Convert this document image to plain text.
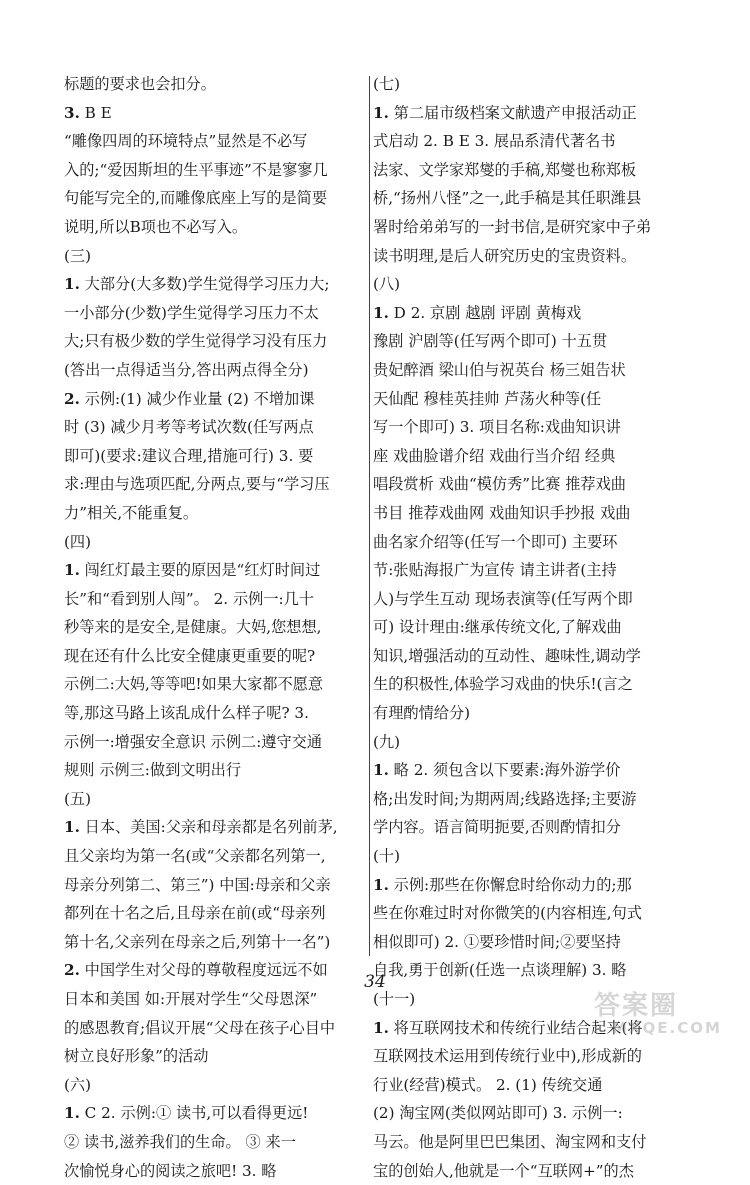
标题的要求也会扣分。
3. B E
“雕像四周的环境特点”显然是不必写
入的;“爱因斯坦的生平事迹”不是寥寥几
句能写完全的,而雕像底座上写的是简要
说明,所以B项也不必写入。
(三)
1. 大部分(大多数)学生觉得学习压力大;
一小部分(少数)学生觉得学习压力不太
大;只有极少数的学生觉得学习没有压力
(答出一点得适当分,答出两点得全分)
2. 示例:(1) 减少作业量 (2) 不增加课
时 (3) 减少月考等考试次数(任写两点
即可)(要求:建议合理,措施可行) 3. 要
求:理由与选项匹配,分两点,要与“学习压
力”相关,不能重复。
(四)
1. 闯红灯最主要的原因是“红灯时间过
长”和“看到别人闯”。 2. 示例一:几十
秒等来的是安全,是健康。大妈,您想想,
现在还有什么比安全健康更重要的呢?
示例二:大妈,等等吧!如果大家都不愿意
等,那这马路上该乱成什么样子呢? 3.
示例一:增强安全意识 示例二:遵守交通
规则 示例三:做到文明出行
(五)
1. 日本、美国:父亲和母亲都是名列前茅,
且父亲均为第一名(或“父亲都名列第一,
母亲分列第二、第三”) 中国:母亲和父亲
都列在十名之后,且母亲在前(或“母亲列
第十名,父亲列在母亲之后,列第十一名”)
2. 中国学生对父母的尊敬程度远远不如
日本和美国 如:开展对学生“父母恩深”
的感恩教育;倡议开展“父母在孩子心目中
树立良好形象”的活动
(六)
1. C 2. 示例:① 读书,可以看得更远!
② 读书,滋养我们的生命。 ③ 来一
次愉悦身心的阅读之旅吧! 3. 略
(七)
1. 第二届市级档案文献遗产申报活动正
式启动 2. B E 3. 展品系清代著名书
法家、文学家郑燮的手稿,郑燮也称郑板
桥,“扬州八怪”之一,此手稿是其任职潍县
署时给弟弟写的一封书信,是研究家中子弟
读书明理,是后人研究历史的宝贵资料。
(八)
1. D 2. 京剧 越剧 评剧 黄梅戏
豫剧 沪剧等(任写两个即可) 十五贯
贵妃醉酒 梁山伯与祝英台 杨三姐告状
天仙配 穆桂英挂帅 芦荡火种等(任
写一个即可) 3. 项目名称:戏曲知识讲
座 戏曲脸谱介绍 戏曲行当介绍 经典
唱段赏析 戏曲“模仿秀”比赛 推荐戏曲
书目 推荐戏曲网 戏曲知识手抄报 戏曲
曲名家介绍等(任写一个即可) 主要环
节:张贴海报广为宣传 请主讲者(主持
人)与学生互动 现场表演等(任写两个即
可) 设计理由:继承传统文化,了解戏曲
知识,增强活动的互动性、趣味性,调动学
生的积极性,体验学习戏曲的快乐!(言之
有理酌情给分)
(九)
1. 略 2. 须包含以下要素:海外游学价
格;出发时间;为期两周;线路选择;主要游
学内容。语言简明扼要,否则酌情扣分
(十)
1. 示例:那些在你懈怠时给你动力的;那
些在你难过时对你微笑的(内容相连,句式
相似即可) 2. ①要珍惜时间;②要坚持
自我,勇于创新(任选一点谈理解) 3. 略
(十一)
1. 将互联网技术和传统行业结合起来(将
互联网技术运用到传统行业中),形成新的
行业(经营)模式。 2. (1) 传统交通
(2) 淘宝网(类似网站即可) 3. 示例一:
马云。他是阿里巴巴集团、淘宝网和支付
宝的创始人,他就是一个“互联网+”的杰
34
答案圈
MXQE.COM
